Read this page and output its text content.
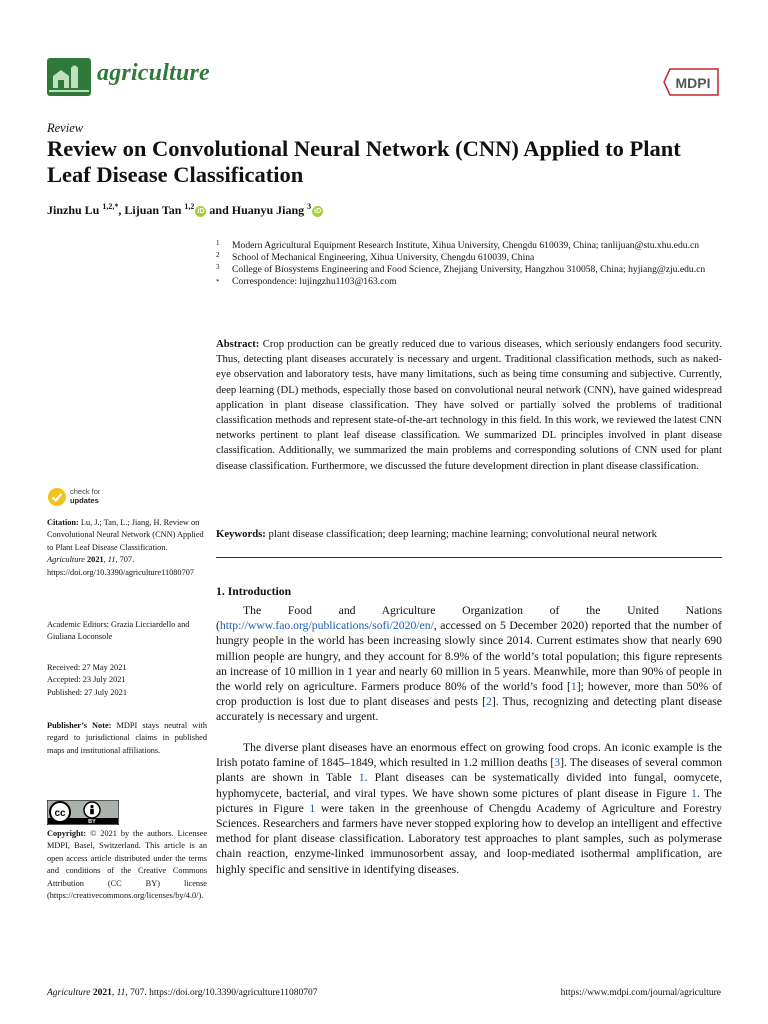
agriculture	MDPI
Review
Review on Convolutional Neural Network (CNN) Applied to Plant Leaf Disease Classification
Jinzhu Lu $^{1,2,*}$, Lijuan Tan $^{1,2}$iD and Huanyu Jiang $^3$iD
1 Modern Agricultural Equipment Research Institute, Xihua University, Chengdu 610039, China; tanlijuan@stu.xhu.edu.cn
2 School of Mechanical Engineering, Xihua University, Chengdu 610039, China
3 College of Biosystems Engineering and Food Science, Zhejiang University, Hangzhou 310058, China; hyjiang@zju.edu.cn
* Correspondence: lujingzhu1103@163.com
Abstract: Crop production can be greatly reduced due to various diseases, which seriously endangers food security. Thus, detecting plant diseases accurately is necessary and urgent. Traditional classification methods, such as naked-eye observation and laboratory tests, have many limitations, such as being time consuming and subjective. Currently, deep learning (DL) methods, especially those based on convolutional neural network (CNN), have gained widespread application in plant disease classification. They have solved or partially solved the problems of traditional classification methods and represent state-of-the-art technology in this field. In this work, we reviewed the latest CNN networks pertinent to plant leaf disease classification. We summarized DL principles involved in plant disease classification. Additionally, we summarized the main problems and corresponding solutions of CNN used for plant disease classification. Furthermore, we discussed the future development direction in plant disease classification.
Keywords: plant disease classification; deep learning; machine learning; convolutional neural network
check for
updates
Citation: Lu, J.; Tan, L.; Jiang, H. Review on Convolutional Neural Network (CNN) Applied to Plant Leaf Disease Classification. Agriculture 2021, 11, 707. https://doi.org/10.3390/agriculture11080707
Academic Editors: Grazia Licciardello and Giuliana Loconsole
Received: 27 May 2021
Accepted: 23 July 2021
Published: 27 July 2021
Publisher’s Note: MDPI stays neutral with regard to jurisdictional claims in published maps and institutional affiliations.
cc
BY
Copyright: © 2021 by the authors. Licensee MDPI, Basel, Switzerland. This article is an open access article distributed under the terms and conditions of the Creative Commons Attribution (CC BY) license (https://creativecommons.org/licenses/by/4.0/).
1. Introduction
The Food and Agriculture Organization of the United Nations (http://www.fao.org/publications/sofi/2020/en/, accessed on 5 December 2020) reported that the number of hungry people in the world has been increasing slowly since 2014. Current estimates show that nearly 690 million people are hungry, and they account for 8.9% of the world’s total population; this figure represents an increase of 10 million in 1 year and nearly 60 million in 5 years. Meanwhile, more than 90% of people in the world rely on agriculture. Farmers produce 80% of the world’s food [1]; however, more than 50% of crop production is lost due to plant diseases and pests [2]. Thus, recognizing and detecting plant disease accurately is necessary and urgent.
The diverse plant diseases have an enormous effect on growing food crops. An iconic example is the Irish potato famine of 1845–1849, which resulted in 1.2 million deaths [3]. The diseases of several common plants are shown in Table 1. Plant diseases can be systematically divided into fungal, oomycete, hyphomycete, bacterial, and viral types. We have shown some pictures of plant disease in Figure 1. The pictures in Figure 1 were taken in the greenhouse of Chengdu Academy of Agriculture and Forestry Sciences. Researchers and farmers have never stopped exploring how to develop an intelligent and effective method for plant disease classification. Laboratory test approaches to plant samples, such as polymerase chain reaction, enzyme-linked immunosorbent assay, and loop-mediated isothermal amplification, are highly specific and sensitive in identifying diseases.
Agriculture 2021, 11, 707. https://doi.org/10.3390/agriculture11080707	https://www.mdpi.com/journal/agriculture
